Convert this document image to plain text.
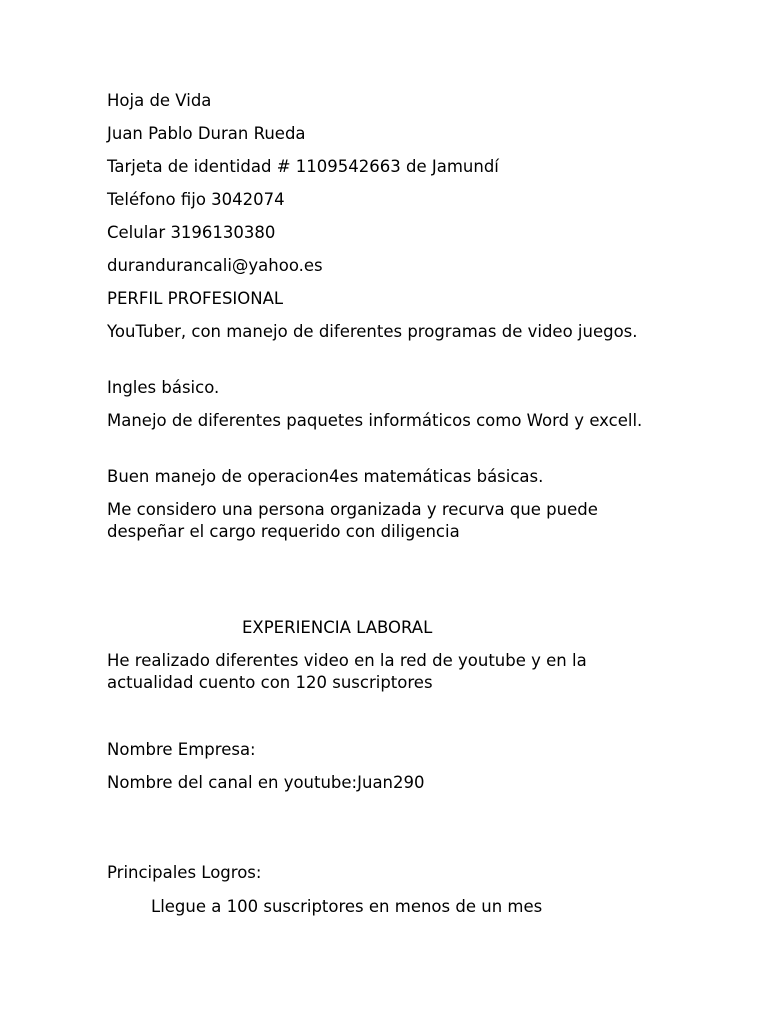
Hoja de Vida

Juan Pablo Duran Rueda

Tarjeta de identidad # 1109542663 de Jamundí

Teléfono fijo 3042074

Celular 3196130380

durandurancali@yahoo.es

PERFIL PROFESIONAL

YouTuber, con manejo de diferentes programas de video juegos.

Ingles básico.

Manejo de diferentes paquetes informáticos como Word y excell.

Buen manejo de operacion4es matemáticas básicas.

Me considero una persona organizada y recurva que puede despeñar el cargo requerido con diligencia

EXPERIENCIA LABORAL

He realizado diferentes video en la red de youtube y en la actualidad cuento con 120 suscriptores

Nombre Empresa:

Nombre del canal en youtube:Juan290

Principales Logros:

Llegue a 100 suscriptores en menos de un mes
